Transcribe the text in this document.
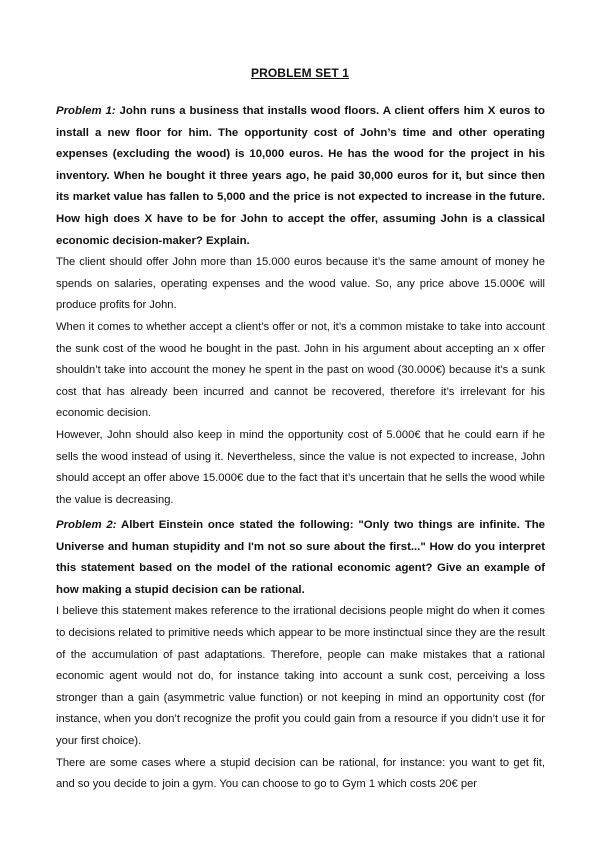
PROBLEM SET 1

Problem 1: John runs a business that installs wood floors. A client offers him X euros to install a new floor for him. The opportunity cost of John’s time and other operating expenses (excluding the wood) is 10,000 euros. He has the wood for the project in his inventory. When he bought it three years ago, he paid 30,000 euros for it, but since then its market value has fallen to 5,000 and the price is not expected to increase in the future. How high does X have to be for John to accept the offer, assuming John is a classical economic decision-maker? Explain.

The client should offer John more than 15.000 euros because it’s the same amount of money he spends on salaries, operating expenses and the wood value. So, any price above 15.000€ will produce profits for John.

When it comes to whether accept a client’s offer or not, it’s a common mistake to take into account the sunk cost of the wood he bought in the past. John in his argument about accepting an x offer shouldn’t take into account the money he spent in the past on wood (30.000€) because it’s a sunk cost that has already been incurred and cannot be recovered, therefore it’s irrelevant for his economic decision.

However, John should also keep in mind the opportunity cost of 5.000€ that he could earn if he sells the wood instead of using it. Nevertheless, since the value is not expected to increase, John should accept an offer above 15.000€ due to the fact that it’s uncertain that he sells the wood while the value is decreasing.

Problem 2: Albert Einstein once stated the following: "Only two things are infinite. The Universe and human stupidity and I'm not so sure about the first..." How do you interpret this statement based on the model of the rational economic agent? Give an example of how making a stupid decision can be rational.

I believe this statement makes reference to the irrational decisions people might do when it comes to decisions related to primitive needs which appear to be more instinctual since they are the result of the accumulation of past adaptations. Therefore, people can make mistakes that a rational economic agent would not do, for instance taking into account a sunk cost, perceiving a loss stronger than a gain (asymmetric value function) or not keeping in mind an opportunity cost (for instance, when you don’t recognize the profit you could gain from a resource if you didn’t use it for your first choice).

There are some cases where a stupid decision can be rational, for instance: you want to get fit, and so you decide to join a gym. You can choose to go to Gym 1 which costs 20€ per
